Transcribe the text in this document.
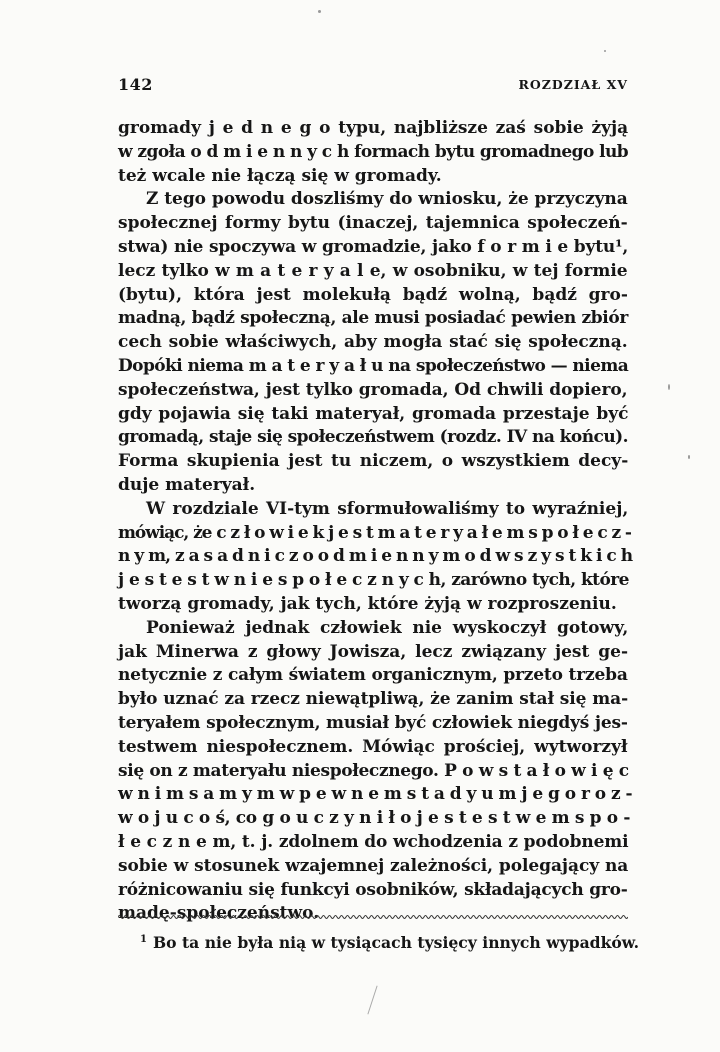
142	ROZDZIAŁ XV
gromady j e d n e g o typu, najbliższe zaś sobie żyją
w zgoła o d m i e n n y c h formach bytu gromadnego lub
też wcale nie łączą się w gromady.
Z tego powodu doszliśmy do wniosku, że przyczyna
społecznej formy bytu (inaczej, tajemnica społeczeń-
stwa) nie spoczywa w gromadzie, jako f o r m i e bytu¹,
lecz tylko w m a t e r y a l e, w osobniku, w tej formie
(bytu), która jest molekułą bądź wolną, bądź gro-
madną, bądź społeczną, ale musi posiadać pewien zbiór
cech sobie właściwych, aby mogła stać się społeczną.
Dopóki niema m a t e r y a ł u na społeczeństwo — niema
społeczeństwa, jest tylko gromada, Od chwili dopiero,
gdy pojawia się taki materyał, gromada przestaje być
gromadą, staje się społeczeństwem (rozdz. IV na końcu).
Forma skupienia jest tu niczem, o wszystkiem decy-
duje materyał.
W rozdziale VI-tym sformułowaliśmy to wyraźniej,
mówiąc, że c z ł o w i e k j e s t m a t e r y a ł e m s p o ł e c z -
n y m, z a s a d n i c z o o d m i e n n y m o d w s z y s t k i c h
j e s t e s t w n i e s p o ł e c z n y c h, zarówno tych, które
tworzą gromady, jak tych, które żyją w rozproszeniu.
Ponieważ jednak człowiek nie wyskoczył gotowy,
jak Minerwa z głowy Jowisza, lecz związany jest ge-
netycznie z całym światem organicznym, przeto trzeba
było uznać za rzecz niewątpliwą, że zanim stał się ma-
teryałem społecznym, musiał być człowiek niegdyś jes-
testwem niespołecznem. Mówiąc prościej, wytworzył
się on z materyału niespołecznego. P o w s t a ł o w i ę c
w n i m s a m y m w p e w n e m s t a d y u m j e g o r o z -
w o j u c o ś, co g o u c z y n i ł o j e s t e s t w e m s p o -
ł e c z n e m, t. j. zdolnem do wchodzenia z podobnemi
sobie w stosunek wzajemnej zależności, polegający na
różnicowaniu się funkcyi osobników, składających gro-
madę-społeczeństwo.
$^1$ Bo ta nie była nią w tysiącach tysięcy innych wypadków.
